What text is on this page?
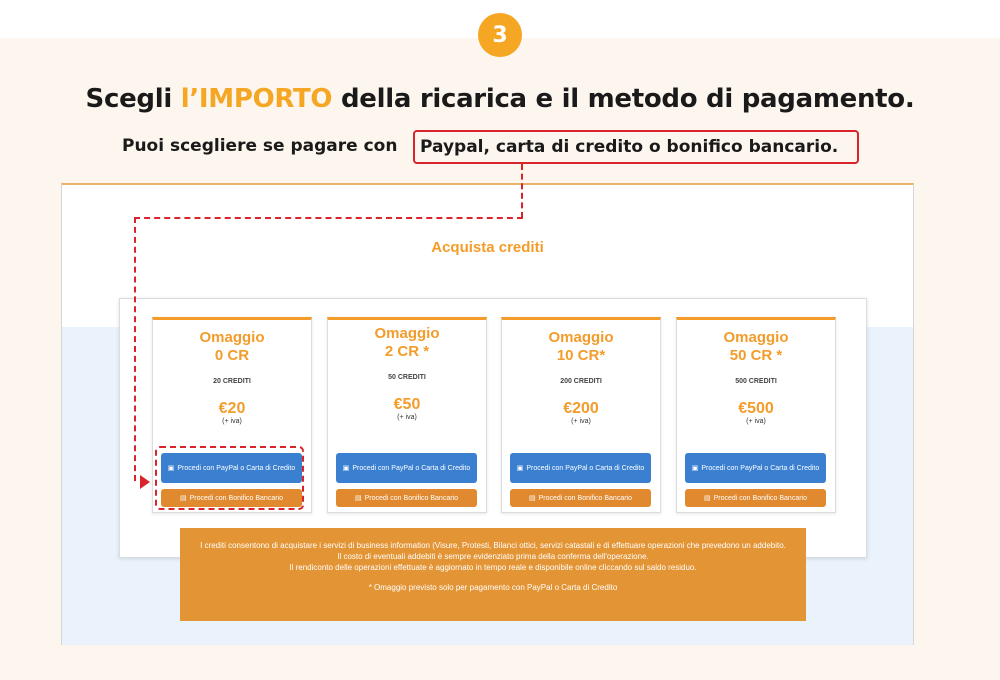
3
Scegli l’IMPORTO della ricarica e il metodo di pagamento.
Puoi scegliere se pagare con	Paypal, carta di credito o bonifico bancario.
Acquista crediti
Omaggio
0 CR
20 CREDITI
€20
(+ iva)
▣ Procedi con PayPal o Carta di Credito
▤ Procedi con Bonifico Bancario
Omaggio
2 CR *
50 CREDITI
€50
(+ iva)
▣ Procedi con PayPal o Carta di Credito
▤ Procedi con Bonifico Bancario
Omaggio
10 CR*
200 CREDITI
€200
(+ iva)
▣ Procedi con PayPal o Carta di Credito
▤ Procedi con Bonifico Bancario
Omaggio
50 CR *
500 CREDITI
€500
(+ iva)
▣ Procedi con PayPal o Carta di Credito
▤ Procedi con Bonifico Bancario

I crediti consentono di acquistare i servizi di business information (Visure, Protesti, Bilanci ottici, servizi catastali e di effettuare operazioni che prevedono un addebito.

Il costo di eventuali addebiti è sempre evidenziato prima della conferma dell'operazione.

Il rendiconto delle operazioni effettuate è aggiornato in tempo reale e disponibile online cliccando sul saldo residuo.

* Omaggio previsto solo per pagamento con PayPal o Carta di Credito
